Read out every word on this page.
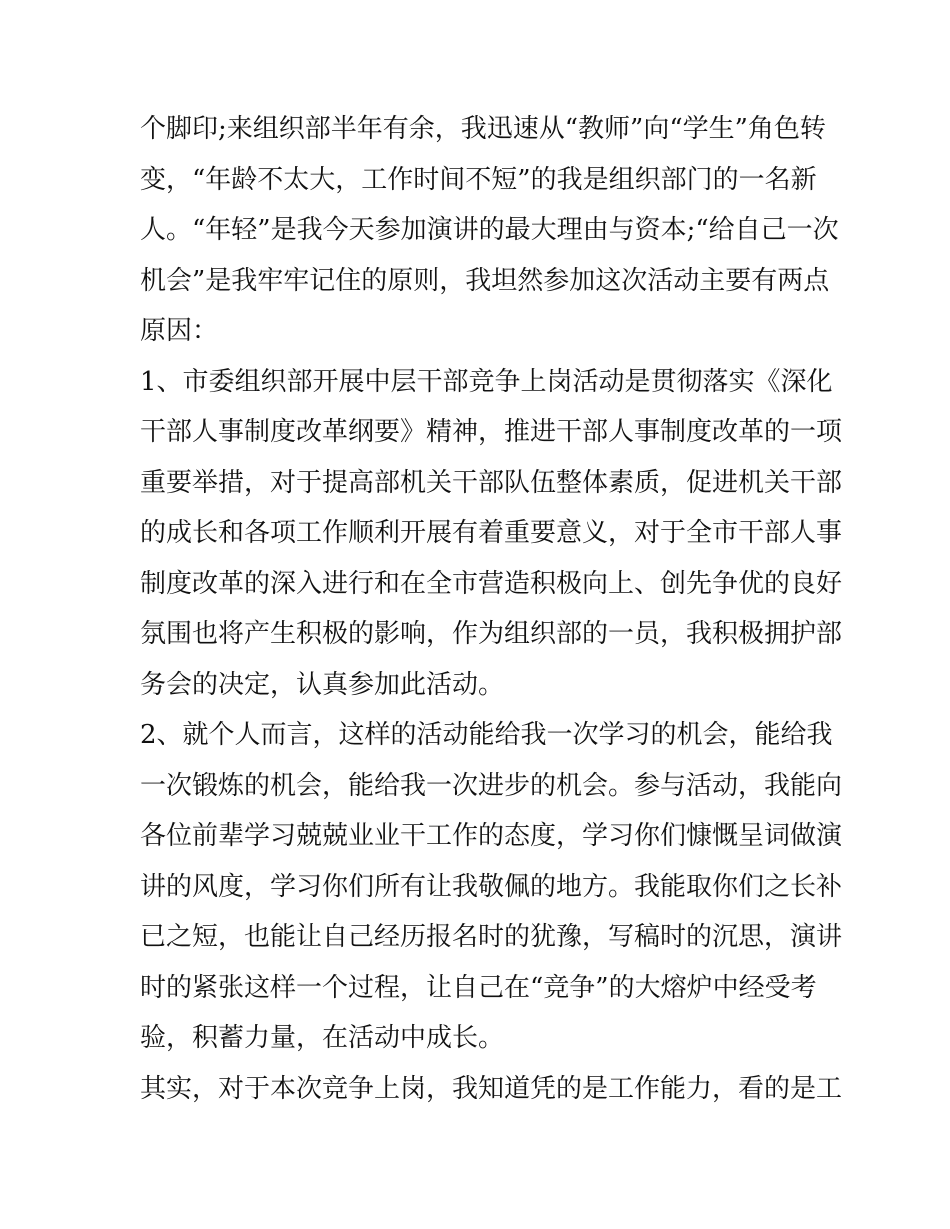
个脚印;来组织部半年有余，我迅速从“教师”向“学生”角色转
变，“年龄不太大，工作时间不短”的我是组织部门的一名新
人。“年轻”是我今天参加演讲的最大理由与资本;“给自己一次
机会”是我牢牢记住的原则，我坦然参加这次活动主要有两点
原因：
1、市委组织部开展中层干部竞争上岗活动是贯彻落实《深化
干部人事制度改革纲要》精神，推进干部人事制度改革的一项
重要举措，对于提高部机关干部队伍整体素质，促进机关干部
的成长和各项工作顺利开展有着重要意义，对于全市干部人事
制度改革的深入进行和在全市营造积极向上、创先争优的良好
氛围也将产生积极的影响，作为组织部的一员，我积极拥护部
务会的决定，认真参加此活动。
2、就个人而言，这样的活动能给我一次学习的机会，能给我
一次锻炼的机会，能给我一次进步的机会。参与活动，我能向
各位前辈学习兢兢业业干工作的态度，学习你们慷慨呈词做演
讲的风度，学习你们所有让我敬佩的地方。我能取你们之长补
已之短，也能让自己经历报名时的犹豫，写稿时的沉思，演讲
时的紧张这样一个过程，让自己在“竞争”的大熔炉中经受考
验，积蓄力量，在活动中成长。
其实，对于本次竞争上岗，我知道凭的是工作能力，看的是工
